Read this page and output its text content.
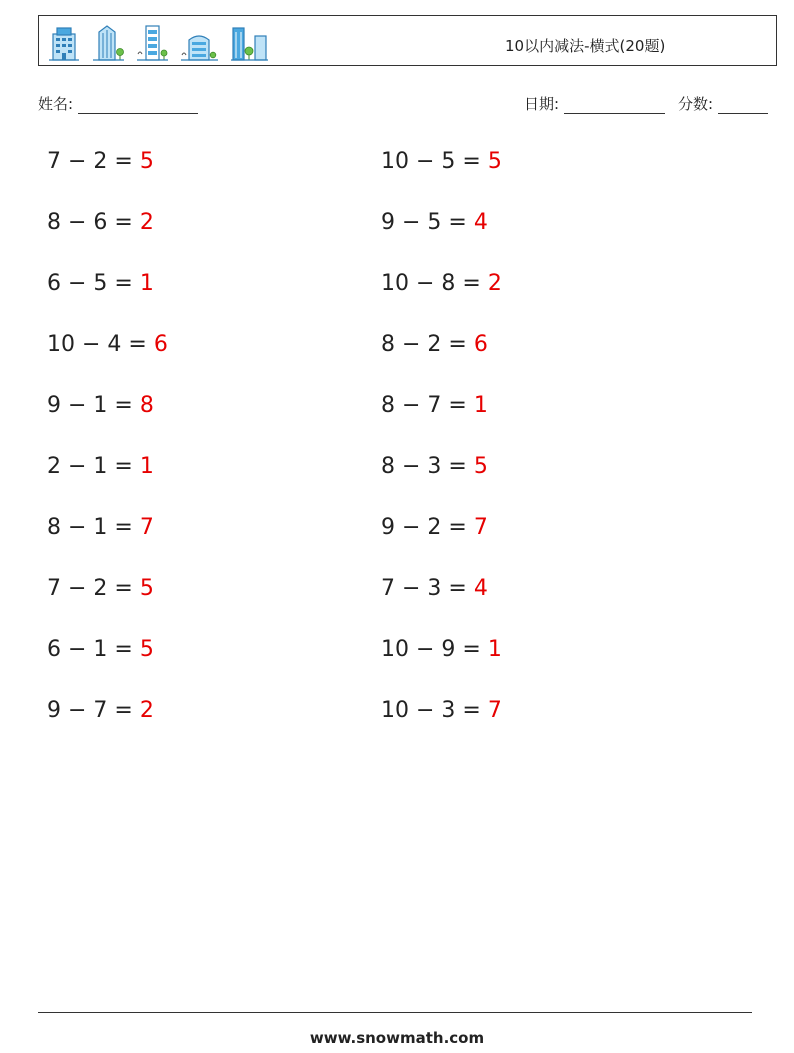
10以内减法-横式(20题)
姓名:	日期:	分数:
7 − 2 = 5	10 − 5 = 5
8 − 6 = 2	9 − 5 = 4
6 − 5 = 1	10 − 8 = 2
10 − 4 = 6	8 − 2 = 6
9 − 1 = 8	8 − 7 = 1
2 − 1 = 1	8 − 3 = 5
8 − 1 = 7	9 − 2 = 7
7 − 2 = 5	7 − 3 = 4
6 − 1 = 5	10 − 9 = 1
9 − 7 = 2	10 − 3 = 7
www.snowmath.com
